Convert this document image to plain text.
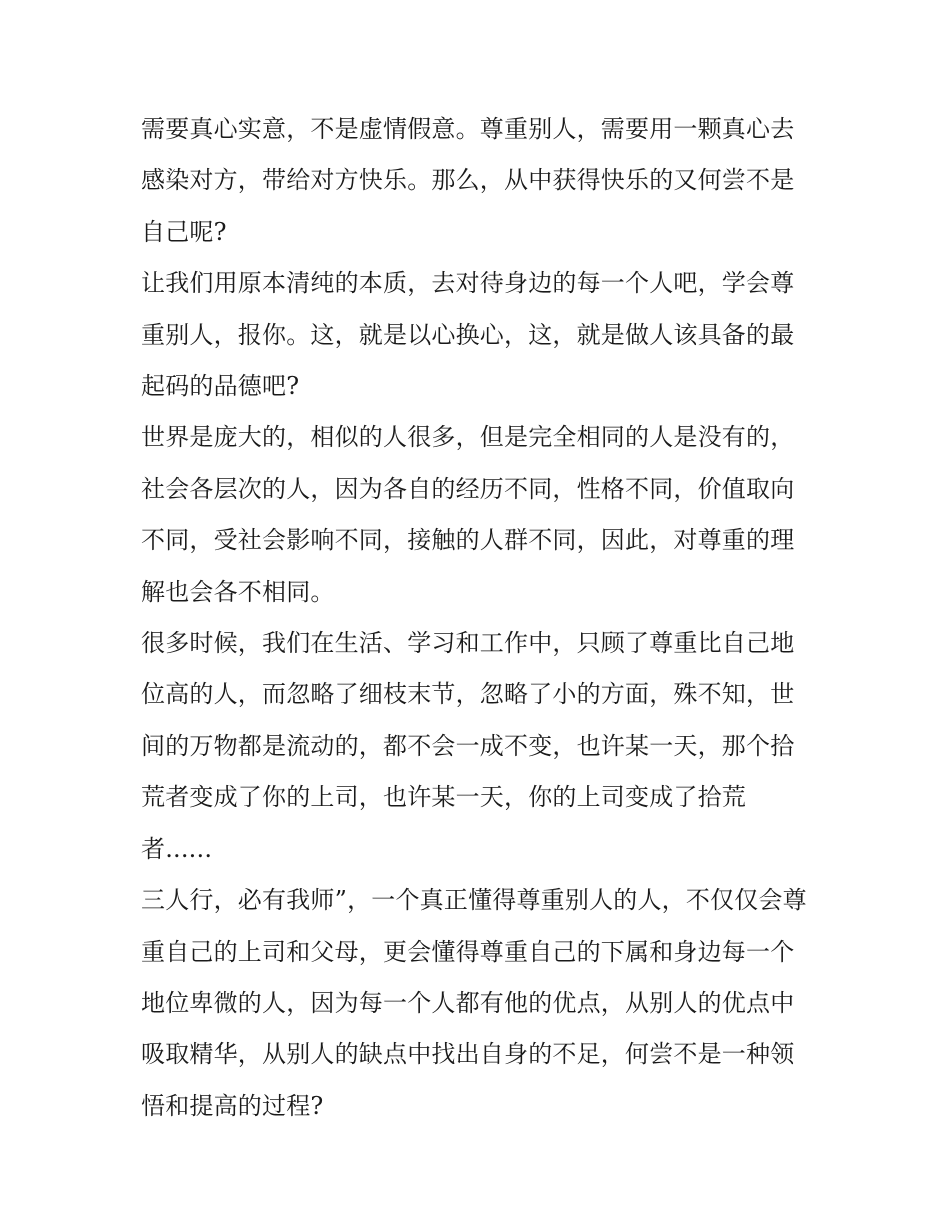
需要真心实意，不是虚情假意。尊重别人，需要用一颗真心去感染对方，带给对方快乐。那么，从中获得快乐的又何尝不是自己呢?

让我们用原本清纯的本质，去对待身边的每一个人吧，学会尊重别人，报你。这，就是以心换心，这，就是做人该具备的最起码的品德吧?

世界是庞大的，相似的人很多，但是完全相同的人是没有的，社会各层次的人，因为各自的经历不同，性格不同，价值取向不同，受社会影响不同，接触的人群不同，因此，对尊重的理解也会各不相同。

很多时候，我们在生活、学习和工作中，只顾了尊重比自己地位高的人，而忽略了细枝末节，忽略了小的方面，殊不知，世间的万物都是流动的，都不会一成不变，也许某一天，那个拾荒者变成了你的上司，也许某一天，你的上司变成了拾荒者......

三人行，必有我师”，一个真正懂得尊重别人的人，不仅仅会尊重自己的上司和父母，更会懂得尊重自己的下属和身边每一个地位卑微的人，因为每一个人都有他的优点，从别人的优点中吸取精华，从别人的缺点中找出自身的不足，何尝不是一种领悟和提高的过程?
